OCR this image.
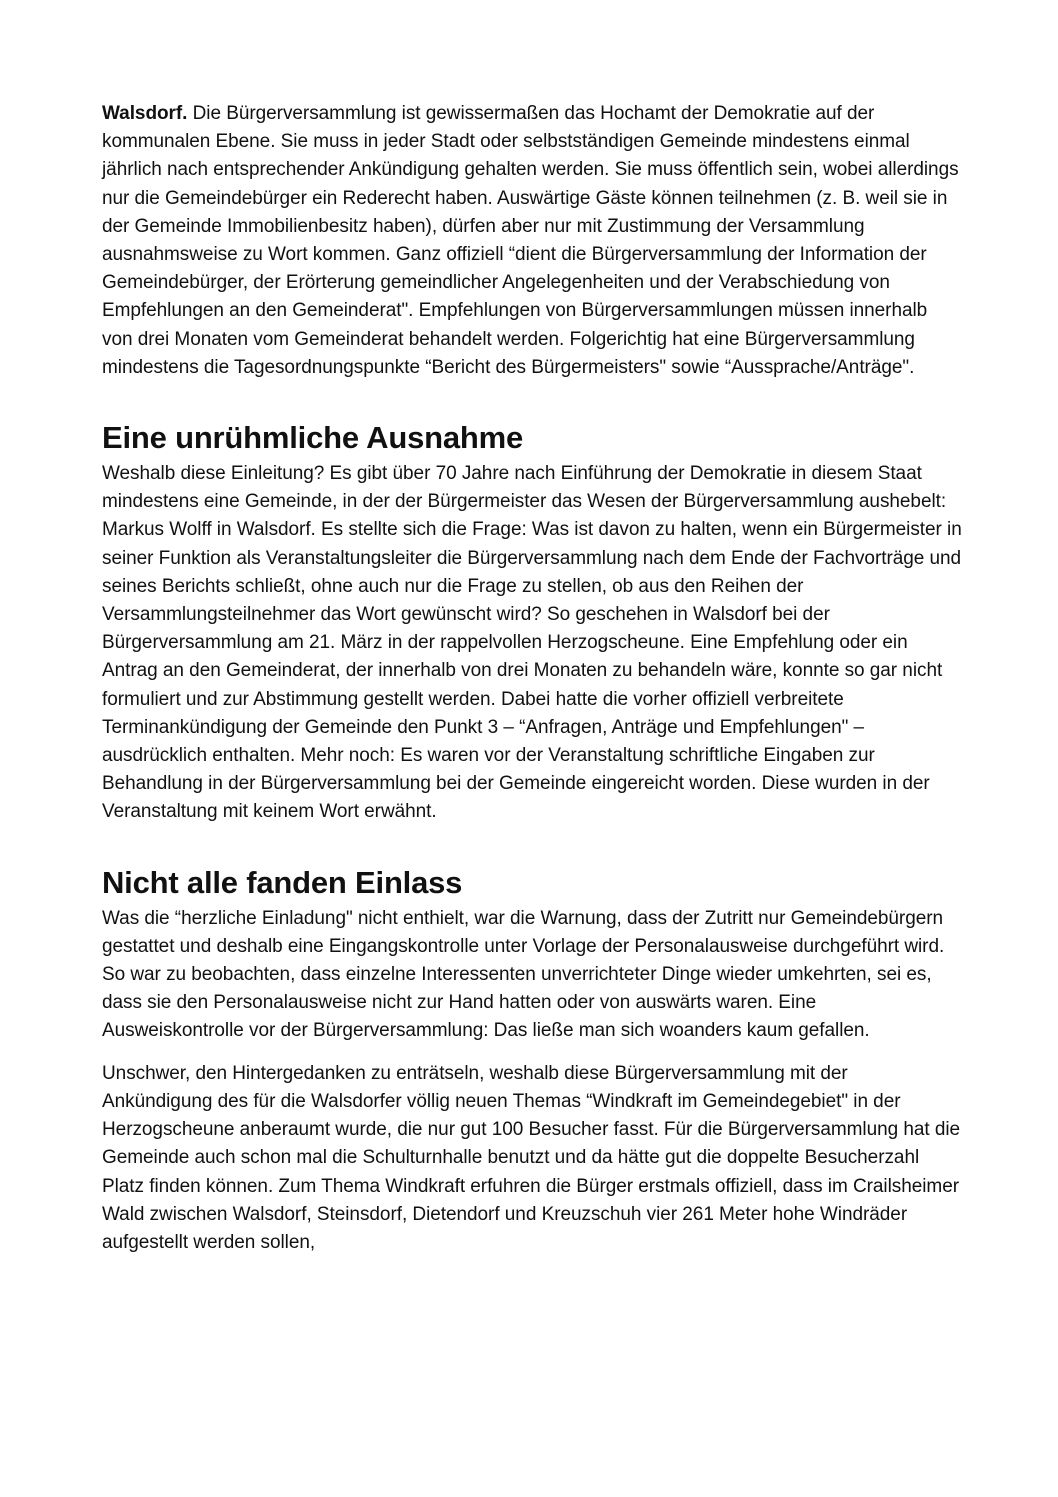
Walsdorf. Die Bürgerversammlung ist gewissermaßen das Hochamt der Demokratie auf der kommunalen Ebene. Sie muss in jeder Stadt oder selbstständigen Gemeinde mindestens einmal jährlich nach entsprechender Ankündigung gehalten werden. Sie muss öffentlich sein, wobei allerdings nur die Gemeindebürger ein Rederecht haben. Auswärtige Gäste können teilnehmen (z. B. weil sie in der Gemeinde Immobilienbesitz haben), dürfen aber nur mit Zustimmung der Versammlung ausnahmsweise zu Wort kommen. Ganz offiziell “dient die Bürgerversammlung der Information der Gemeindebürger, der Erörterung gemeindlicher Angelegenheiten und der Verabschiedung von Empfehlungen an den Gemeinderat". Empfehlungen von Bürgerversammlungen müssen innerhalb von drei Monaten vom Gemeinderat behandelt werden. Folgerichtig hat eine Bürgerversammlung mindestens die Tagesordnungspunkte “Bericht des Bürgermeisters" sowie “Aussprache/Anträge".

Eine unrühmliche Ausnahme

Weshalb diese Einleitung? Es gibt über 70 Jahre nach Einführung der Demokratie in diesem Staat mindestens eine Gemeinde, in der der Bürgermeister das Wesen der Bürgerversammlung aushebelt: Markus Wolff in Walsdorf. Es stellte sich die Frage: Was ist davon zu halten, wenn ein Bürgermeister in seiner Funktion als Veranstaltungsleiter die Bürgerversammlung nach dem Ende der Fachvorträge und seines Berichts schließt, ohne auch nur die Frage zu stellen, ob aus den Reihen der Versammlungsteilnehmer das Wort gewünscht wird? So geschehen in Walsdorf bei der Bürgerversammlung am 21. März in der rappelvollen Herzogscheune. Eine Empfehlung oder ein Antrag an den Gemeinderat, der innerhalb von drei Monaten zu behandeln wäre, konnte so gar nicht formuliert und zur Abstimmung gestellt werden. Dabei hatte die vorher offiziell verbreitete Terminankündigung der Gemeinde den Punkt 3 – “Anfragen, Anträge und Empfehlungen" – ausdrücklich enthalten. Mehr noch: Es waren vor der Veranstaltung schriftliche Eingaben zur Behandlung in der Bürgerversammlung bei der Gemeinde eingereicht worden. Diese wurden in der Veranstaltung mit keinem Wort erwähnt.

Nicht alle fanden Einlass

Was die “herzliche Einladung" nicht enthielt, war die Warnung, dass der Zutritt nur Gemeindebürgern gestattet und deshalb eine Eingangskontrolle unter Vorlage der Personalausweise durchgeführt wird. So war zu beobachten, dass einzelne Interessenten unverrichteter Dinge wieder umkehrten, sei es, dass sie den Personalausweise nicht zur Hand hatten oder von auswärts waren. Eine Ausweiskontrolle vor der Bürgerversammlung: Das ließe man sich woanders kaum gefallen.

Unschwer, den Hintergedanken zu enträtseln, weshalb diese Bürgerversammlung mit der Ankündigung des für die Walsdorfer völlig neuen Themas “Windkraft im Gemeindegebiet" in der Herzogscheune anberaumt wurde, die nur gut 100 Besucher fasst. Für die Bürgerversammlung hat die Gemeinde auch schon mal die Schulturnhalle benutzt und da hätte gut die doppelte Besucherzahl Platz finden können. Zum Thema Windkraft erfuhren die Bürger erstmals offiziell, dass im Crailsheimer Wald zwischen Walsdorf, Steinsdorf, Dietendorf und Kreuzschuh vier 261 Meter hohe Windräder aufgestellt werden sollen,
